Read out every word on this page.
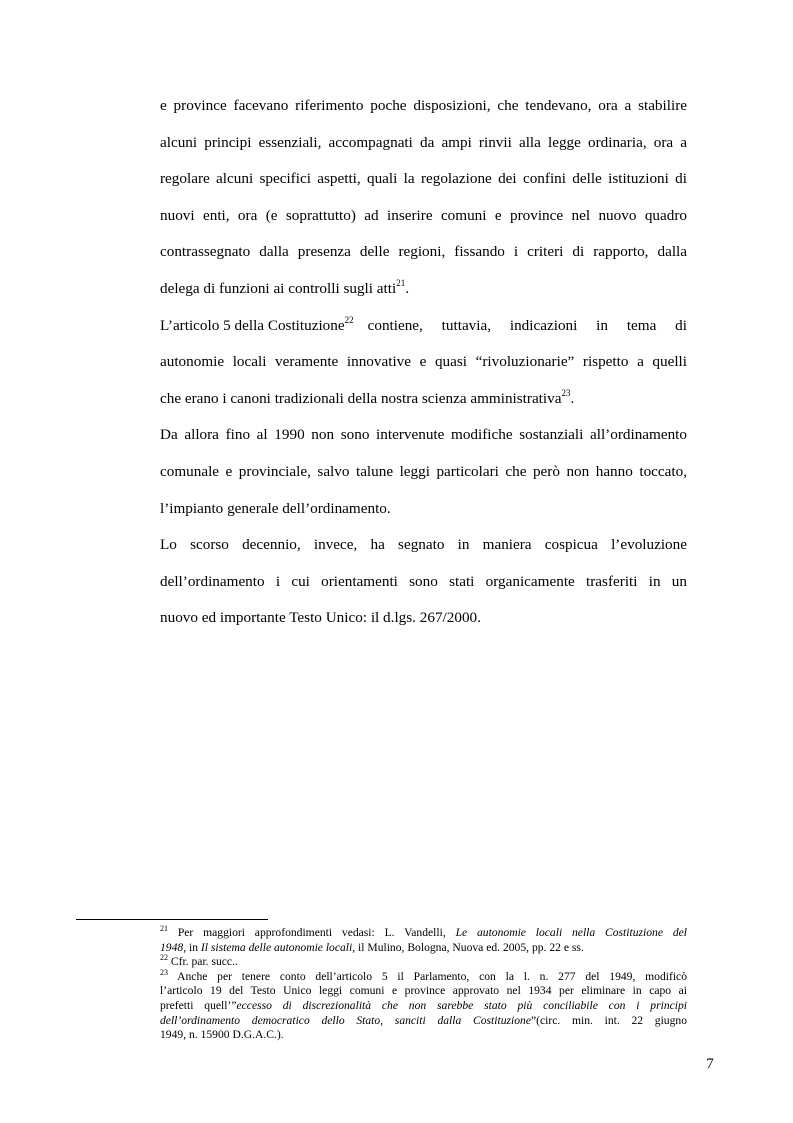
e province facevano riferimento poche disposizioni, che tendevano, ora a stabilire
alcuni principi essenziali, accompagnati da ampi rinvii alla legge ordinaria, ora a
regolare alcuni specifici aspetti, quali la regolazione dei confini delle istituzioni di
nuovi enti, ora (e soprattutto) ad inserire comuni e province nel nuovo quadro
contrassegnato dalla presenza delle regioni, fissando i criteri di rapporto, dalla
delega di funzioni ai controlli sugli atti$^{21}$.
L’articolo 5 della Costituzione$^{22}$ contiene, tuttavia, indicazioni in tema di
autonomie locali veramente innovative e quasi “rivoluzionarie” rispetto a quelli
che erano i canoni tradizionali della nostra scienza amministrativa$^{23}$.
Da allora fino al 1990 non sono intervenute modifiche sostanziali all’ordinamento
comunale e provinciale, salvo talune leggi particolari che però non hanno toccato,
l’impianto generale dell’ordinamento.
Lo scorso decennio, invece, ha segnato in maniera cospicua l’evoluzione
dell’ordinamento i cui orientamenti sono stati organicamente trasferiti in un
nuovo ed importante Testo Unico: il d.lgs. 267/2000.
$^{21}$ Per maggiori approfondimenti vedasi: L. Vandelli, Le autonomie locali nella Costituzione del
1948, in Il sistema delle autonomie locali, il Mulino, Bologna, Nuova ed. 2005, pp. 22 e ss.
$^{22}$ Cfr. par. succ..
$^{23}$ Anche per tenere conto dell’articolo 5 il Parlamento, con la l. n. 277 del 1949, modificò
l’articolo 19 del Testo Unico leggi comuni e province approvato nel 1934 per eliminare in capo ai
prefetti quell’”eccesso di discrezionalità che non sarebbe stato più conciliabile con i principi
dell’ordinamento democratico dello Stato, sanciti dalla Costituzione”(circ. min. int. 22 giugno
1949, n. 15900 D.G.A.C.).
7
